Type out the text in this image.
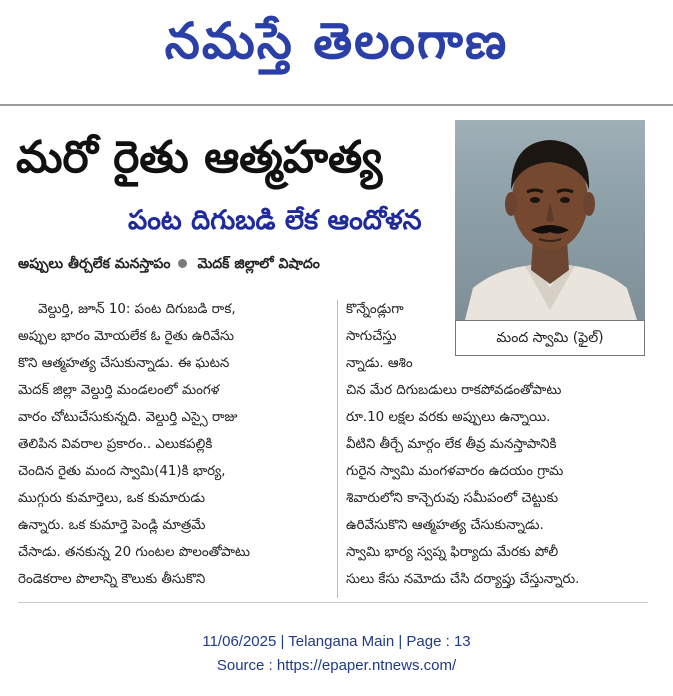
నమస్తే తెలంగాణ
మరో రైతు ఆత్మహత్య
పంట దిగుబడి లేక ఆందోళన
అప్పులు తీర్చలేక మనస్తాపం మెదక్ జిల్లాలో విషాదం
మంద స్వామి (ఫైల్)
వెల్దుర్తి, జూన్ 10: పంట దిగుబడి రాక,
అప్పుల భారం మోయలేక ఓ రైతు ఉరివేసు
కొని ఆత్మహత్య చేసుకున్నాడు. ఈ ఘటన
మెదక్ జిల్లా వెల్దుర్తి మండలంలో మంగళ
వారం చోటుచేసుకున్నది. వెల్దుర్తి ఎస్సై రాజు
తెలిపిన వివరాల ప్రకారం.. ఎలుకపల్లికి
చెందిన రైతు మంద స్వామి(41)కి భార్య,
ముగ్గురు కుమార్తెలు, ఒక కుమారుడు
ఉన్నారు. ఒక కుమార్తె పెండ్లి మాత్రమే
చేసాడు. తనకున్న 20 గుంటల పొలంతోపాటు
రెండెకరాల పొలాన్ని కౌలుకు తీసుకొని
కొన్నేండ్లుగా
సాగుచేస్తు
న్నాడు. ఆశిం
చిన మేర దిగుబడులు రాకపోవడంతోపాటు
రూ.10 లక్షల వరకు అప్పులు ఉన్నాయి.
వీటిని తీర్చే మార్గం లేక తీవ్ర మనస్తాపానికి
గురైన స్వామి మంగళవారం ఉదయం గ్రామ
శివారులోని కాన్చెరువు సమీపంలో చెట్టుకు
ఉరివేసుకొని ఆత్మహత్య చేసుకున్నాడు.
స్వామి భార్య స్వప్న ఫిర్యాదు మేరకు పోలీ
సులు కేసు నమోదు చేసి దర్యాప్తు చేస్తున్నారు.
11/06/2025 | Telangana Main | Page : 13
Source : https://epaper.ntnews.com/
